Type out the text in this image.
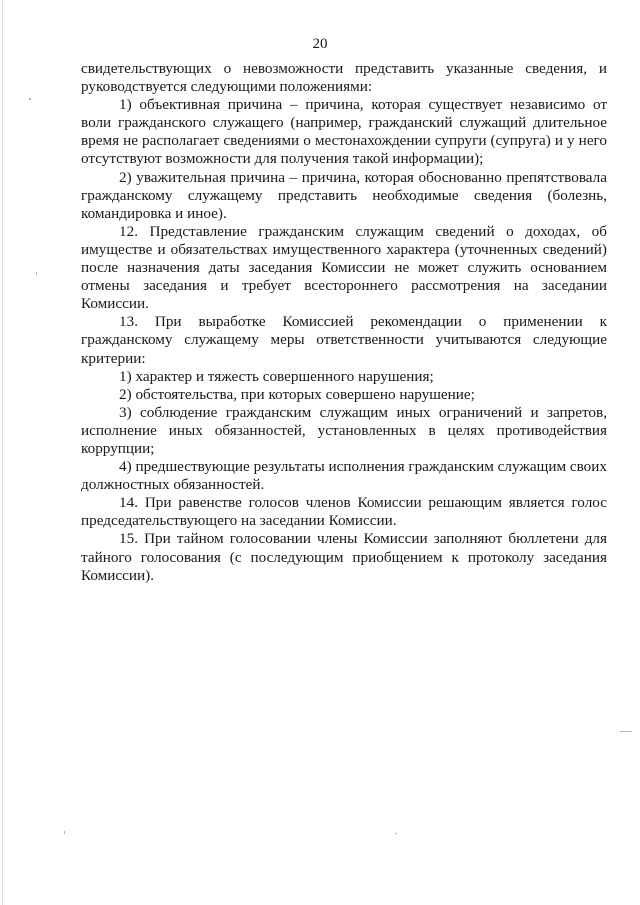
20

свидетельствующих о невозможности представить указанные сведения, и руководствуется следующими положениями:

1) объективная причина – причина, которая существует независимо от воли гражданского служащего (например, гражданский служащий длительное время не располагает сведениями о местонахождении супруги (супруга) и у него отсутствуют возможности для получения такой информации);

2) уважительная причина – причина, которая обоснованно препятствовала гражданскому служащему представить необходимые сведения (болезнь, командировка и иное).

12. Представление гражданским служащим сведений о доходах, об имуществе и обязательствах имущественного характера (уточненных сведений) после назначения даты заседания Комиссии не может служить основанием отмены заседания и требует всестороннего рассмотрения на заседании Комиссии.

13. При выработке Комиссией рекомендации о применении к гражданскому служащему меры ответственности учитываются следующие критерии:

1) характер и тяжесть совершенного нарушения;

2) обстоятельства, при которых совершено нарушение;

3) соблюдение гражданским служащим иных ограничений и запретов, исполнение иных обязанностей, установленных в целях противодействия коррупции;

4) предшествующие результаты исполнения гражданским служащим своих должностных обязанностей.

14. При равенстве голосов членов Комиссии решающим является голос председательствующего на заседании Комиссии.

15. При тайном голосовании члены Комиссии заполняют бюллетени для тайного голосования (с последующим приобщением к протоколу заседания Комиссии).
